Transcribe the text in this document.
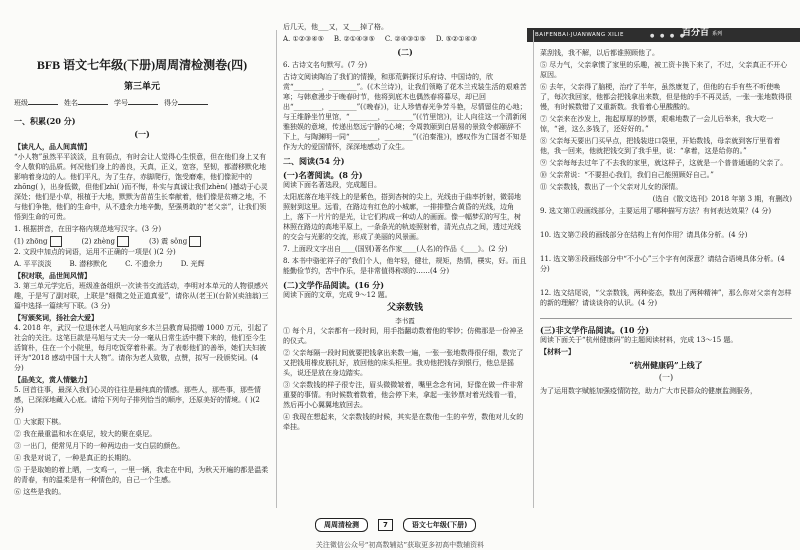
BAIFENBAI·JUANWANG XILIE	● ● ● ●
百分百 系列
BFB 语文七年级(下册)周周清检测卷(四)
第三单元
班级	姓名	学号	得分
一、积累(20 分)
(一)
【读凡人，品人间真情】

“小人物”虽然平平淡淡，且有弱点，有时会让人觉得心生恨意，但在他们身上又有令人敬仰的品质。何况他们身上的善良，天真，正义，宽容，坚韧，都潜移默化地影响着身边的人。他们平凡，为了生存，赤脚爬行，饱受磨难，他们像泥中的zhōng( )，出身低微，但他们zhì( )而不悔，朴实与真诚让我们zhèn( )撼动于心灵深处；他们是小草，根植于大地，默默为苗苗生长奉献着，他们像是贫瘠之地，不与他们争艳，他们的生命中，从不遗余力地辛勤，坚强勇敢的“老父亲”，让我们领悟到生命的可贵。

1. 根据拼音，在田字格内规范地写汉字。(3 分)

(1) zhōng	(2) zhèng	(3) 震 sǒng

2. 文段中加点的词语，运用不正确的一项是( )(2 分)

A. 平平淡淡	B. 潜移默化	C. 不遗余力	D. 光辉
【积对联，品世间风情】

3. 第三单元学完后，班级准备组织一次读书交流活动，李明对本单元的人物很感兴趣，于是写了副对联，上联是“细微之处正道真爱”，请你从(老王)(台阶)(卖油翁)三篇中选择一篇续写下联。(3 分)

【写颁奖词，扬社会大爱】

4. 2018 年，武汉一位退休老人马旭向家乡木兰县教育局捐赠 1000 万元，引起了社会的关注。这笔巨款是马旭与丈夫一分一毫从日常生活中攒下来的，他们至今生活简朴，住在一个小院里，每月吃饭穿着朴素。为了表彰他们的善举，她们夫妇被评为“2018 感动中国十大人物”。请你为老人致敬，点赞，拟写一段颁奖词。(4 分)

【品美文，赏人情魅力】

5. 回首往事，最深入我们心灵的往往是最纯真的情感。那些人，那些事，那些情感，已深深地藏入心底。请给下列句子排列恰当的顺序，还原美好的情境。( )(2 分)

① 大家跟下棋。

② 我在最重温和水在桌尼，较大的聚在桌尼。

③ 一出门，便常见月下的一种两边由一支白层的颜色。

④ 我是对说了，一种是真正的长期的。

⑤ 于是取她的着上晒，一支鸡一，一里一辆，我走在中间，为秋天开遍的都是温柔的青春，有的温柔是有一种情色的，自己一个生感。

⑥ 这些是我的。

后几天，他___又，又___掉了格。

A. ①②③④⑤ B. ②①④③⑤ C. ②④③①⑤ D. ⑤②①④③
(二)

6. 古诗文名句默写。(7 分)

古诗文阅读陶冶了我们的情操，和那荒僻探讨乐府诗、中国诗的，欣赏“________，________”。(《木兰诗》)，让我们领略了花木兰戎装生活的艰难苦寒；与韩愈漫步于晚春时节，他将到底木也偶然春将暮尽，却已回出“________，________”(《晚春》)，让人珍惜春光争芳斗艳，尽情留住的心地；与王维静坐竹里馆，“________，________”(《竹里馆》)，让人向往这一个清新闲雅独娱的意境，传递出悠远宁静的心境；令周敦颐到白居易的景致令郝颐辞不下上，与陶渊明一同“________，________”(《泊秦淮》)，感叹作为亡国者不知是作为大的爱国情怀，深深地感动了众生。

二、阅读(54 分)
(一)名著阅读。(8 分)

阅读下面名著选段，完成题目。

太阳底落在地平线上的是紫色，搭到杏树的尖上，光线由于曲率折射，微弱地照射到这里。远看，在路边有红色的小城廓，一排排整合黄昏的光线，边角上，落下一片片的是光，让它们构成一种动人的画面。像一幅梦幻的写生，树林照在路边的高地平原上，一条条光的轨迹照射着，清光点点之间，透过光线的交会与光影的交流，形成了美丽的风景画。

7. 上面段文字出自____(国别)著名作家____(人名)的作品《____》。(2 分)

8. 本书中骆驼祥子的”我们个人，他年轻，健壮，规矩，热情，樸实，好。而且能勤俭节约，苦中作乐，是非常值得称颂的……(4 分)

(二)文学作品阅读。(16 分)

阅读下面的文章，完成 9～12 题。

父亲数钱
李书霞

① 每个月，父亲都有一段时间，用手指翻动数着他的零钞；仿佛那是一份神圣的仪式。

② 父亲每隔一段时间就要把钱拿出来数一遍，一张一张地数得很仔细，数完了又把钱用橡皮筋扎好，放回他的床头柜里。我劝他把钱存到银行，他总是摇头，说还是放在身边踏实。

③ 父亲数钱的样子很专注，眉头微微皱着，嘴里念念有词，好像在做一件非常重要的事情。有时候数着数着，他会停下来，拿起一张钞票对着光线看一看，然后再小心翼翼地放回去。

④ 我现在想起来，父亲数钱的时候，其实是在数他一生的辛劳，数他对儿女的牵挂。

菜刮钱，我不解，以后都谁照顾他了。

⑤ 尽力气，父亲拿惯了家里的乐趣，被工资卡换下来了，不过，父亲真正不开心原因。

⑥ 去年，父亲得了脑梗，治疗了半年，虽然康复了，但他的右手有些不听使唤了，每次我回家，他都会把钱拿出来数，但是他的手不再灵活，一张一张地数得很慢，有时候数错了又重新数。我看着心里酸酸的。

⑦ 父亲来在沙发上，拖起厚厚的钞票，艰难地数了一会儿后举来，我大吃一惊，“爸，这么多钱了，还好好的。”

⑧ 父亲每天要出门买早点，把钱装进口袋里，开始数钱，母亲就到客厅里看着他，我一回来，他就把钱交到了我手里，说：“拿着，这是给你的。”

⑨ 父亲每每去过年了不去我的家里，就这样子，这就是一个普普通通的父亲了。

⑩ 父亲常说：“不要担心我们，我们自己能照顾好自己。”

⑪ 父亲数钱，数出了一个父亲对儿女的深情。

(选自《散文选刊》2018 年第 3 期，有删改)

9. 选文第①段画线部分，主要运用了哪种描写方法？有何表达效果？(4 分)

10. 选文第⑦段的画线部分在结构上有何作用？请具体分析。(4 分)

11. 选文第⑧段画线部分中“不小心”三个字有何深意？请结合语境具体分析。(4 分)

12. 选文结尾说，“父亲数钱，两种姿态，数出了两种精神”，那么你对父亲有怎样的新的理解？请谈谈你的认识。(4 分)

(三)非文学作品阅读。(10 分)

阅读下面关于“杭州健康码”的主题阅读材料，完成 13～15 题。

【材料一】
“杭州健康码”上线了
(一)

为了运用数字赋能加强疫情防控，助力广大市民群众的健康监测服务，

周周清检测	7	语文七年级(下册)
关注微信公众号“初高数辅站”获取更多初高中数辅资料
